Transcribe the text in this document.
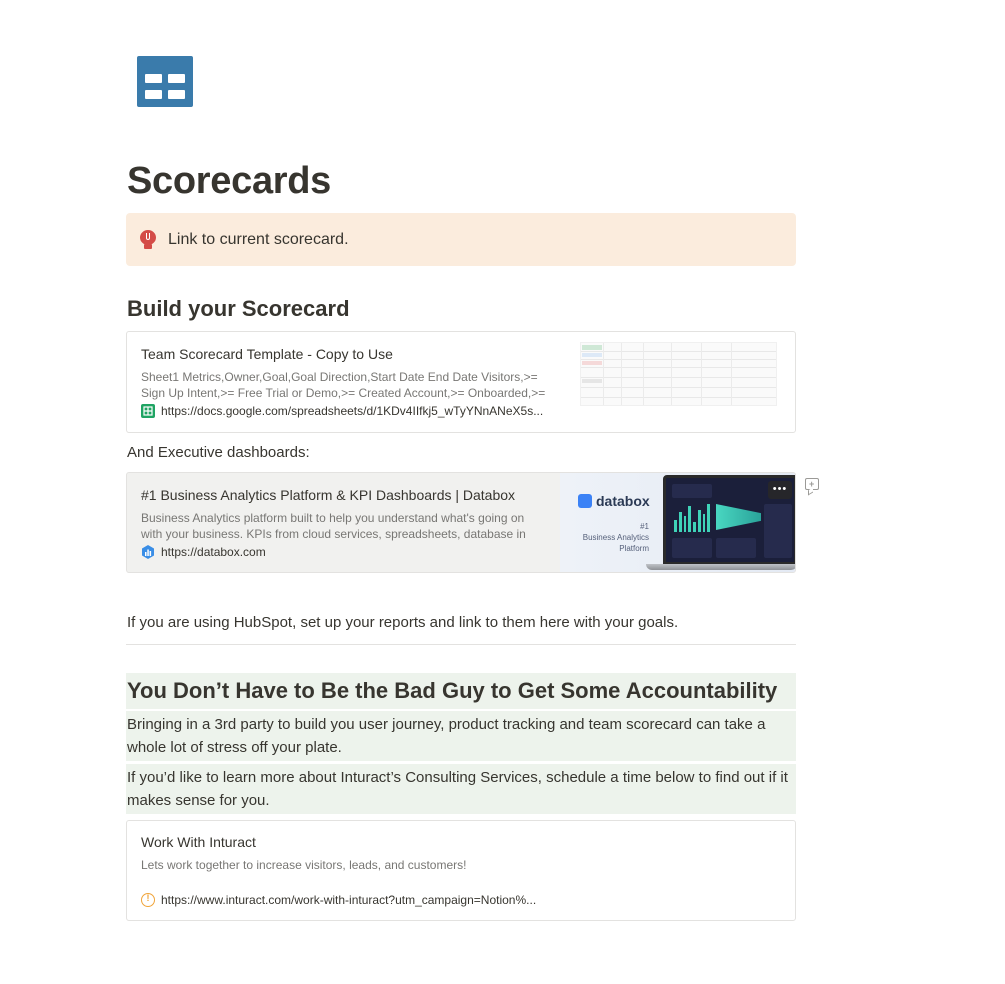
Scorecards
Link to current scorecard.
Build your Scorecard
Team Scorecard Template - Copy to Use
Sheet1 Metrics,Owner,Goal,Goal Direction,Start Date End Date Visitors,>=
Sign Up Intent,>= Free Trial or Demo,>= Created Account,>= Onboarded,>=
https://docs.google.com/spreadsheets/d/1KDv4IIfkj5_wTyYNnANeX5s...
And Executive dashboards:
#1 Business Analytics Platform & KPI Dashboards | Databox
Business Analytics platform built to help you understand what's going on
with your business. KPIs from cloud services, spreadsheets, database in
https://databox.com
databox
#1
Business Analytics
Platform
•••	+
If you are using HubSpot, set up your reports and link to them here with your goals.
You Don’t Have to Be the Bad Guy to Get Some Accountability
Bringing in a 3rd party to build you user journey, product tracking and team scorecard can take a whole lot of stress off your plate.
If you’d like to learn more about Inturact’s Consulting Services, schedule a time below to find out if it makes sense for you.
Work With Inturact
Lets work together to increase visitors, leads, and customers!
!
https://www.inturact.com/work-with-inturact?utm_campaign=Notion%...
